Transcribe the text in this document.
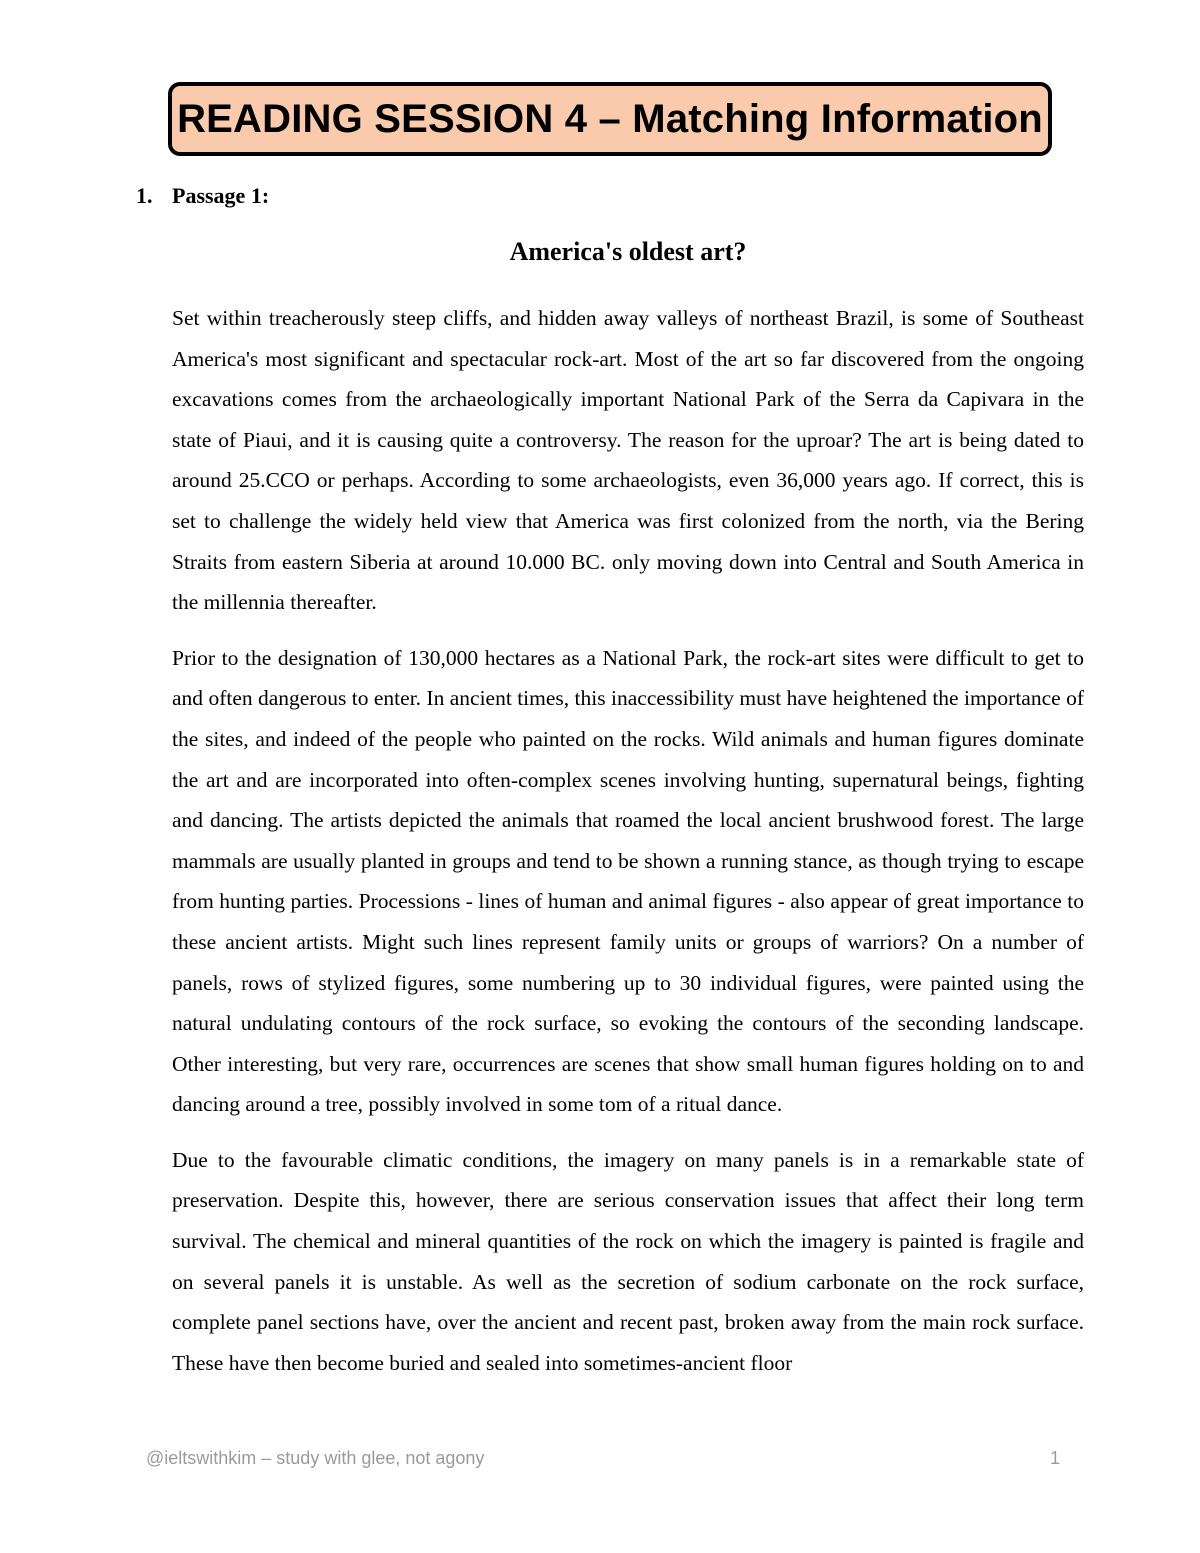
READING SESSION 4 – Matching Information
1. Passage 1:
America's oldest art?

Set within treacherously steep cliffs, and hidden away valleys of northeast Brazil, is some of Southeast America's most significant and spectacular rock-art. Most of the art so far discovered from the ongoing excavations comes from the archaeologically important National Park of the Serra da Capivara in the state of Piaui, and it is causing quite a controversy. The reason for the uproar? The art is being dated to around 25.CCO or perhaps. According to some archaeologists, even 36,000 years ago. If correct, this is set to challenge the widely held view that America was first colonized from the north, via the Bering Straits from eastern Siberia at around 10.000 BC. only moving down into Central and South America in the millennia thereafter.

Prior to the designation of 130,000 hectares as a National Park, the rock-art sites were difficult to get to and often dangerous to enter. In ancient times, this inaccessibility must have heightened the importance of the sites, and indeed of the people who painted on the rocks. Wild animals and human figures dominate the art and are incorporated into often-complex scenes involving hunting, supernatural beings, fighting and dancing. The artists depicted the animals that roamed the local ancient brushwood forest. The large mammals are usually planted in groups and tend to be shown a running stance, as though trying to escape from hunting parties. Processions - lines of human and animal figures - also appear of great importance to these ancient artists. Might such lines represent family units or groups of warriors? On a number of panels, rows of stylized figures, some numbering up to 30 individual figures, were painted using the natural undulating contours of the rock surface, so evoking the contours of the seconding landscape. Other interesting, but very rare, occurrences are scenes that show small human figures holding on to and dancing around a tree, possibly involved in some tom of a ritual dance.

Due to the favourable climatic conditions, the imagery on many panels is in a remarkable state of preservation. Despite this, however, there are serious conservation issues that affect their long term survival. The chemical and mineral quantities of the rock on which the imagery is painted is fragile and on several panels it is unstable. As well as the secretion of sodium carbonate on the rock surface, complete panel sections have, over the ancient and recent past, broken away from the main rock surface. These have then become buried and sealed into sometimes-ancient floor

@ieltswithkim – study with glee, not agony	1
